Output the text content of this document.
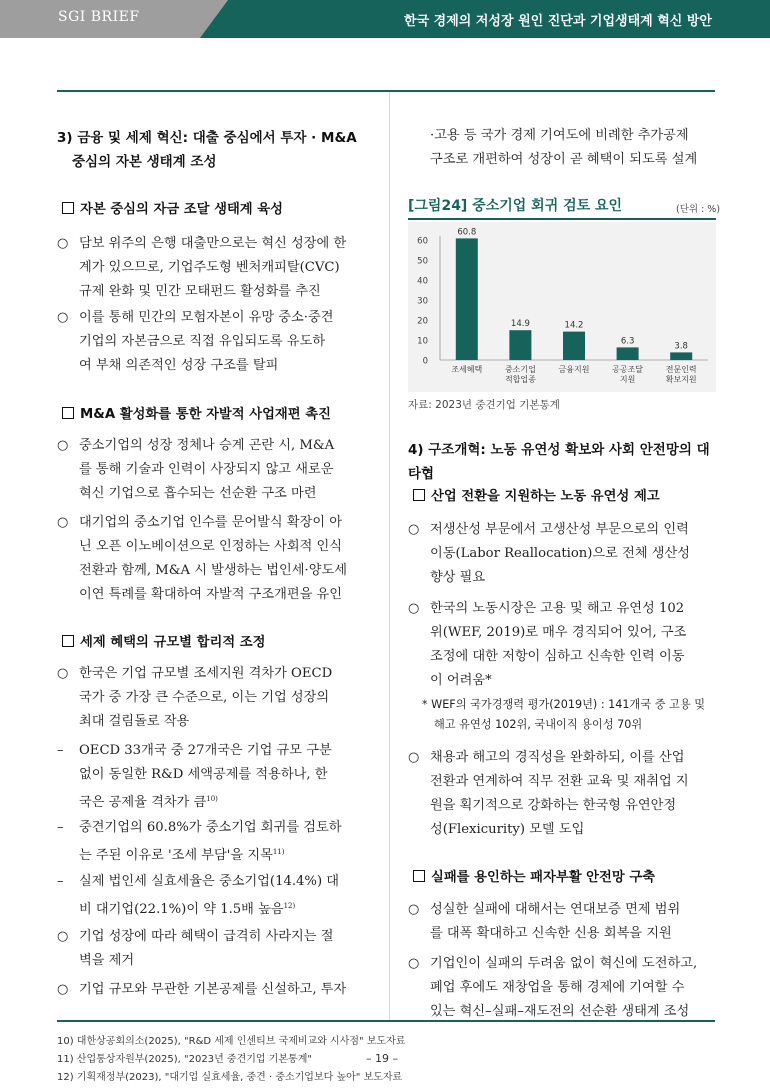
SGI BRIEF	한국 경제의 저성장 원인 진단과 기업생태계 혁신 방안
3) 금융 및 세제 혁신: 대출 중심에서 투자 · M&A
중심의 자본 생태계 조성
자본 중심의 자금 조달 생태계 육성
○ 담보 위주의 은행 대출만으로는 혁신 성장에 한
계가 있으므로, 기업주도형 벤처캐피탈(CVC)
규제 완화 및 민간 모태펀드 활성화를 추진
○ 이를 통해 민간의 모험자본이 유망 중소·중견
기업의 자본금으로 직접 유입되도록 유도하
여 부채 의존적인 성장 구조를 탈피
M&A 활성화를 통한 자발적 사업재편 촉진
○ 중소기업의 성장 정체나 승계 곤란 시, M&A
를 통해 기술과 인력이 사장되지 않고 새로운
혁신 기업으로 흡수되는 선순환 구조 마련
○ 대기업의 중소기업 인수를 문어발식 확장이 아
닌 오픈 이노베이션으로 인정하는 사회적 인식
전환과 함께, M&A 시 발생하는 법인세·양도세
이연 특례를 확대하여 자발적 구조개편을 유인
세제 혜택의 규모별 합리적 조정
○ 한국은 기업 규모별 조세지원 격차가 OECD
국가 중 가장 큰 수준으로, 이는 기업 성장의
최대 걸림돌로 작용
– OECD 33개국 중 27개국은 기업 규모 구분
없이 동일한 R&D 세액공제를 적용하나, 한
국은 공제율 격차가 큼$^{10)}$
– 중견기업의 60.8%가 중소기업 회귀를 검토하
는 주된 이유로 '조세 부담'을 지목$^{11)}$
– 실제 법인세 실효세율은 중소기업(14.4%) 대
비 대기업(22.1%)이 약 1.5배 높음$^{12)}$
○ 기업 성장에 따라 혜택이 급격히 사라지는 절
벽을 제거
○ 기업 규모와 무관한 기본공제를 신설하고, 투자
·고용 등 국가 경제 기여도에 비례한 추가공제
구조로 개편하여 성장이 곧 혜택이 되도록 설계
[그림24] 중소기업 회귀 검토 요인	(단위 : %)
0
10
20
30
40
50
60
60.8
조세혜택
14.9
중소기업
적합업종
14.2
금융지원
6.3
공공조달
지원
3.8
전문인력
확보지원
자료: 2023년 중견기업 기본통계
4) 구조개혁: 노동 유연성 확보와 사회 안전망의 대타협
산업 전환을 지원하는 노동 유연성 제고
○ 저생산성 부문에서 고생산성 부문으로의 인력
이동(Labor Reallocation)으로 전체 생산성
향상 필요
○ 한국의 노동시장은 고용 및 해고 유연성 102
위(WEF, 2019)로 매우 경직되어 있어, 구조
조정에 대한 저항이 심하고 신속한 인력 이동
이 어려움*
* WEF의 국가경쟁력 평가(2019년) : 141개국 중 고용 및
해고 유연성 102위, 국내이직 용이성 70위
○ 채용과 해고의 경직성을 완화하되, 이를 산업
전환과 연계하여 직무 전환 교육 및 재취업 지
원을 획기적으로 강화하는 한국형 유연안정
성(Flexicurity) 모델 도입
실패를 용인하는 패자부활 안전망 구축
○ 성실한 실패에 대해서는 연대보증 면제 범위
를 대폭 확대하고 신속한 신용 회복을 지원
○ 기업인이 실패의 두려움 없이 혁신에 도전하고,
폐업 후에도 재창업을 통해 경제에 기여할 수
있는 혁신–실패–재도전의 선순환 생태계 조성
10) 대한상공회의소(2025), "R&D 세제 인센티브 국제비교와 시사점" 보도자료
11) 산업통상자원부(2025), "2023년 중견기업 기본통계"
12) 기획재정부(2023), "대기업 실효세율, 중견 · 중소기업보다 높아" 보도자료
– 19 –
